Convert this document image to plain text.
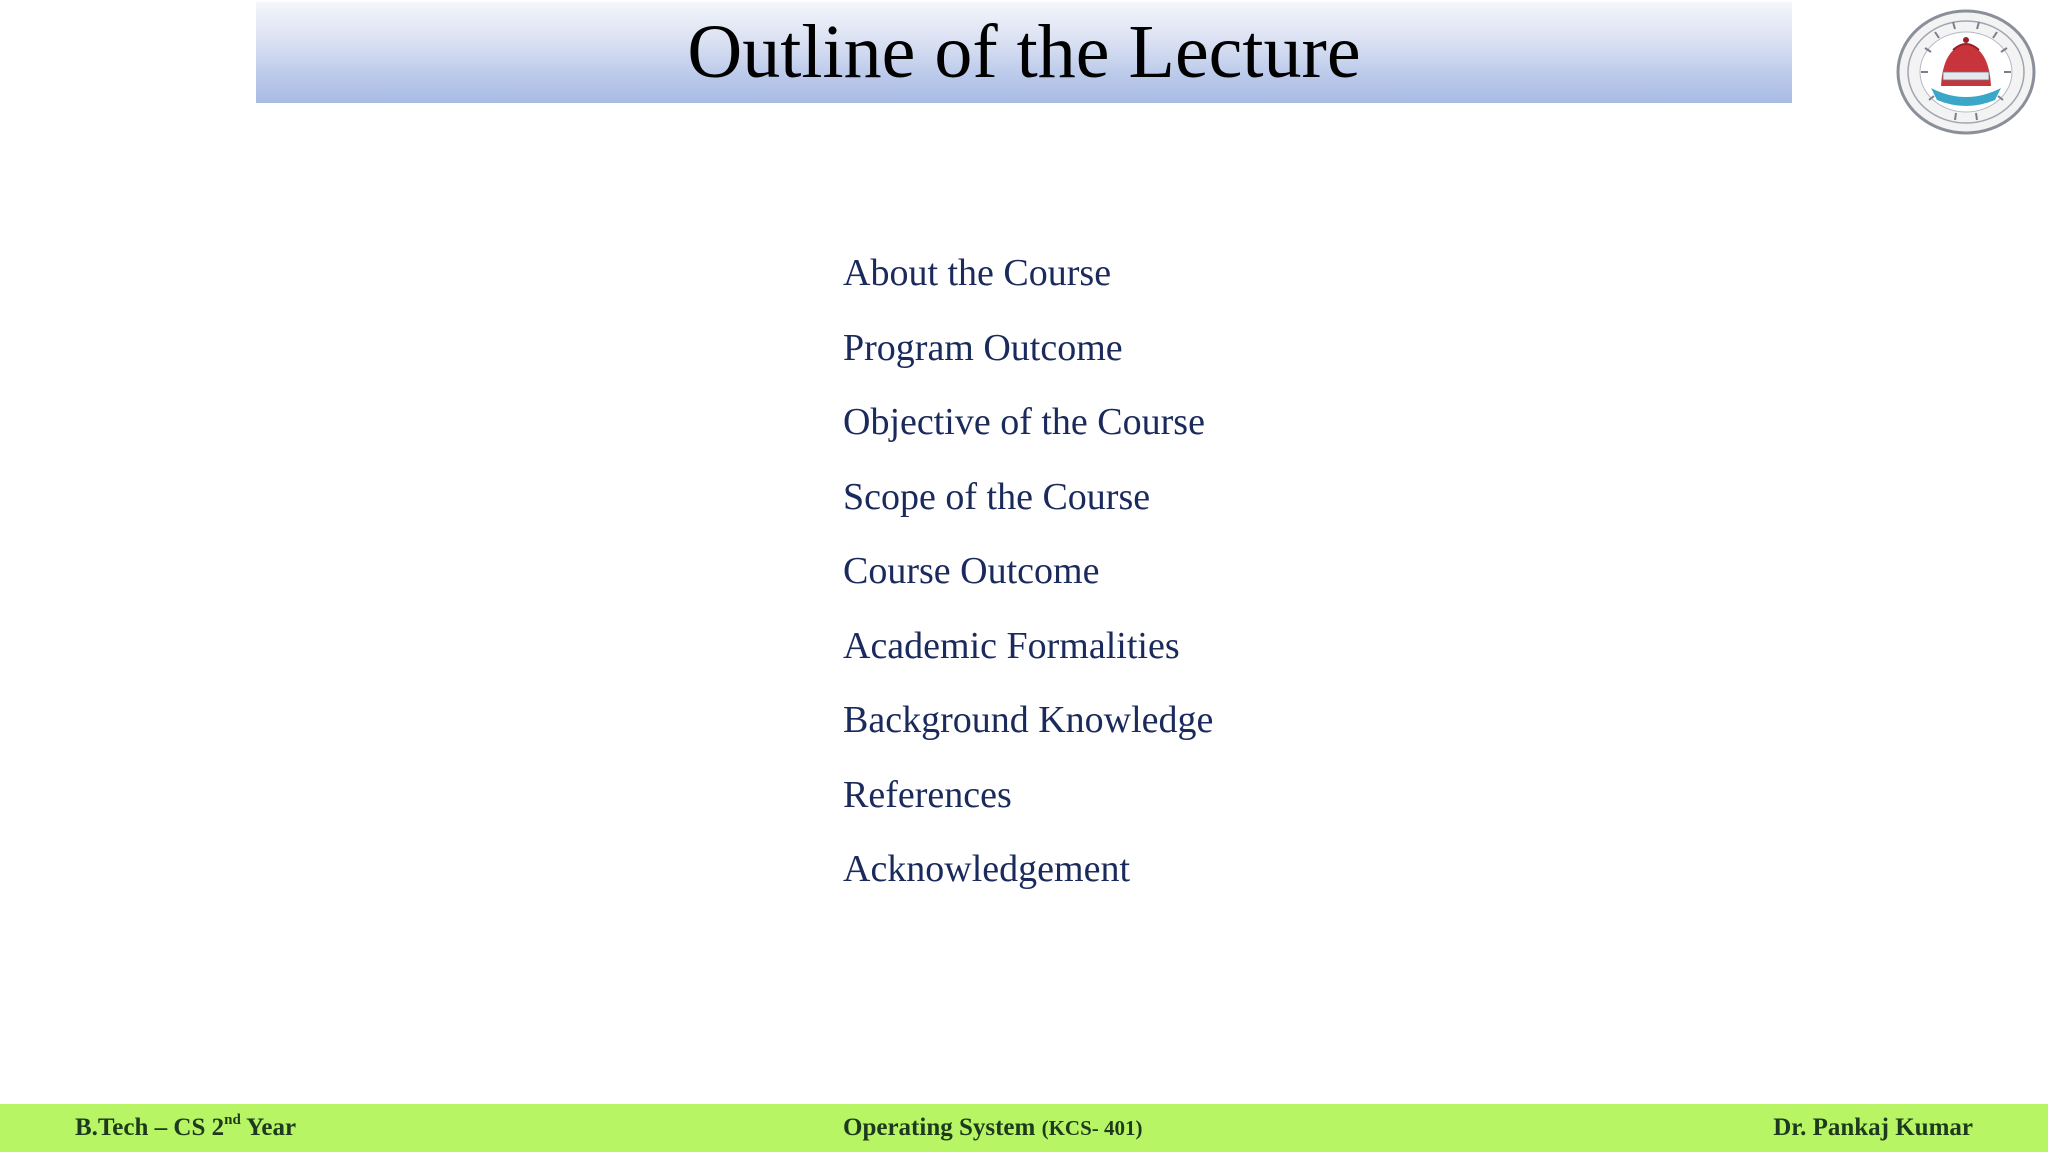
Outline of the Lecture
About the Course
Program Outcome
Objective of the Course
Scope of the Course
Course Outcome
Academic Formalities
Background Knowledge
References
Acknowledgement
B.Tech – CS 2nd Year	Operating System (KCS- 401)	Dr. Pankaj Kumar
